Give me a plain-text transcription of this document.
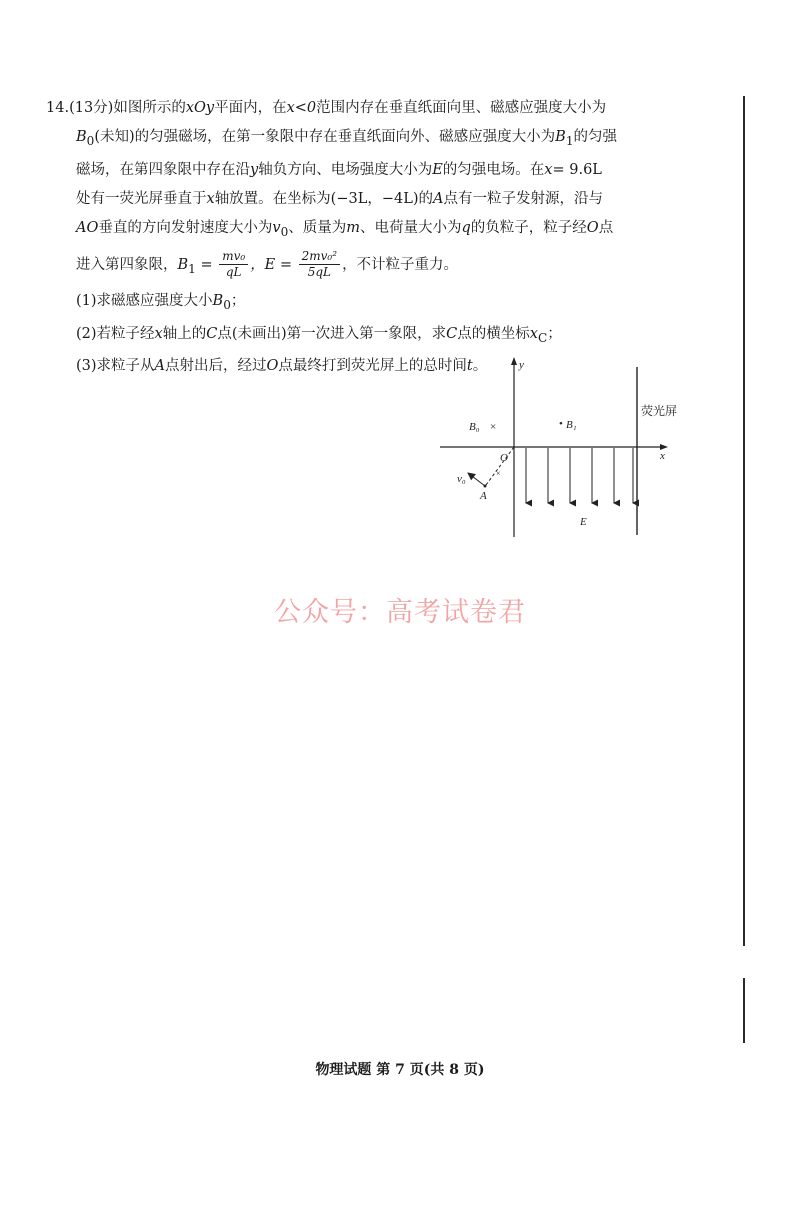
14.(13分)如图所示的xOy平面内，在x<0范围内存在垂直纸面向里、磁感应强度大小为

$B_0$(未知)的匀强磁场，在第一象限中存在垂直纸面向外、磁感应强度大小为$B_1$的匀强

磁场，在第四象限中存在沿y轴负方向、电场强度大小为E的匀强电场。在x= 9.6L

处有一荧光屏垂直于x轴放置。在坐标为(−3L，−4L)的A点有一粒子发射源，沿与

AO垂直的方向发射速度大小为$v_0$、质量为m、电荷量大小为q的负粒子，粒子经O点

进入第四象限，$B_1 = \frac{\text{mv₀}}{qL}$ ，$E = \frac{\text{2mv₀²}}{5qL}$ ，不计粒子重力。

(1)求磁感应强度大小$B_0$；

(2)若粒子经x轴上的C点(未画出)第一次进入第一象限，求C点的横坐标$x_C$；

(3)求粒子从A点射出后，经过O点最终打到荧光屏上的总时间t。

×
y
x
O
A
B₀ ×	• B₁
v₀
E
荧光屏
公众号：高考试卷君
物理试题 第 7 页(共 8 页)
